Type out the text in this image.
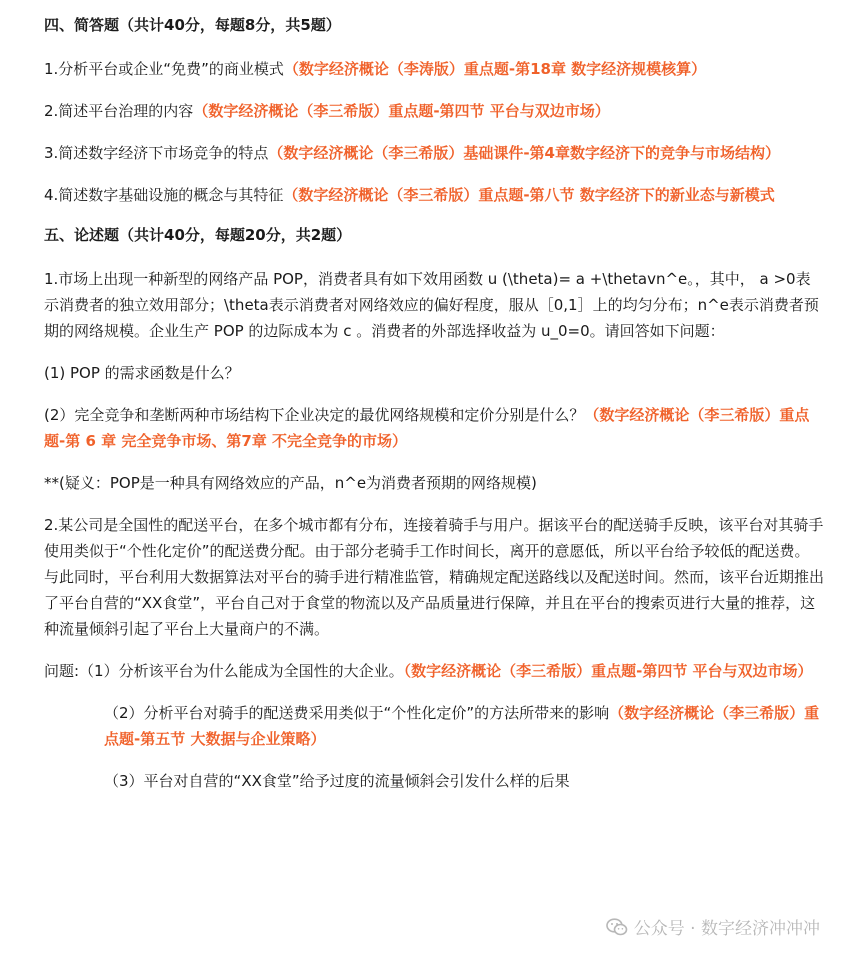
四、简答题（共计40分，每题8分，共5题）
1.分析平台或企业“免费”的商业模式（数字经济概论（李涛版）重点题-第18章 数字经济规模核算）
2.简述平台治理的内容（数字经济概论（李三希版）重点题-第四节 平台与双边市场）
3.简述数字经济下市场竞争的特点（数字经济概论（李三希版）基础课件-第4章数字经济下的竞争与市场结构）
4.简述数字基础设施的概念与其特征（数字经济概论（李三希版）重点题-第八节 数字经济下的新业态与新模式
五、论述题（共计40分，每题20分，共2题）
1.市场上出现一种新型的网络产品 POP，消费者具有如下效用函数 u (\theta)= a +\thetavn^e。，其中， a >0表示消费者的独立效用部分；\theta表示消费者对网络效应的偏好程度，服从［0,1］上的均匀分布；n^e表示消费者预期的网络规模。企业生产 POP 的边际成本为 c 。消费者的外部选择收益为 u_0=0。请回答如下问题：
(1) POP 的需求函数是什么？
(2）完全竞争和垄断两种市场结构下企业决定的最优网络规模和定价分别是什么？（数字经济概论（李三希版）重点题-第 6 章 完全竞争市场、第7章 不完全竞争的市场）
**(疑义：POP是一种具有网络效应的产品，n^e为消费者预期的网络规模)
2.某公司是全国性的配送平台，在多个城市都有分布，连接着骑手与用户。据该平台的配送骑手反映，该平台对其骑手使用类似于“个性化定价”的配送费分配。由于部分老骑手工作时间长，离开的意愿低，所以平台给予较低的配送费。与此同时，平台利用大数据算法对平台的骑手进行精准监管，精确规定配送路线以及配送时间。然而，该平台近期推出了平台自营的“XX食堂”，平台自己对于食堂的物流以及产品质量进行保障，并且在平台的搜索页进行大量的推荐，这种流量倾斜引起了平台上大量商户的不满。
问题:（1）分析该平台为什么能成为全国性的大企业。（数字经济概论（李三希版）重点题-第四节 平台与双边市场）
（2）分析平台对骑手的配送费采用类似于“个性化定价”的方法所带来的影响（数字经济概论（李三希版）重点题-第五节 大数据与企业策略）
（3）平台对自营的“XX食堂”给予过度的流量倾斜会引发什么样的后果
公众号 · 数字经济冲冲冲
